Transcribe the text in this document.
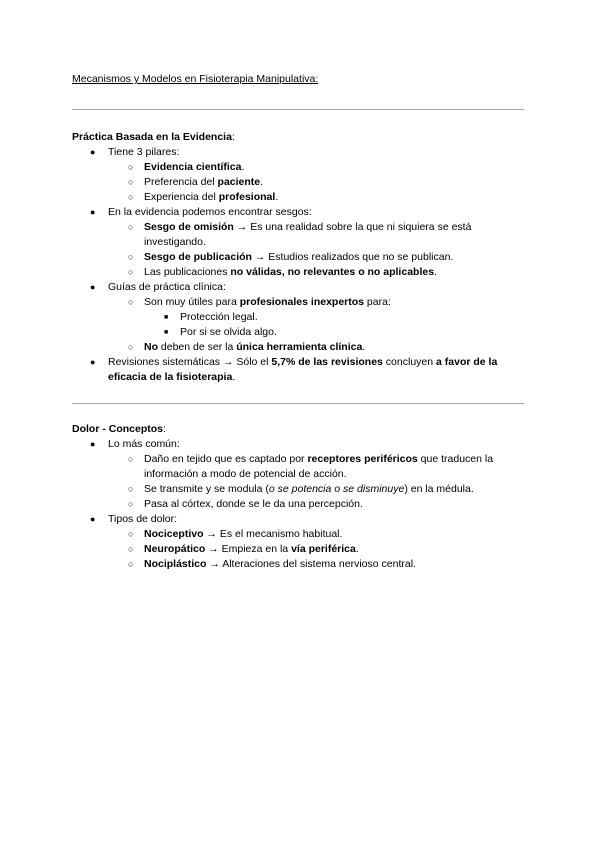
Mecanismos y Modelos en Fisioterapia Manipulativa:
Práctica Basada en la Evidencia:
● Tiene 3 pilares:
○ Evidencia científica.
○ Preferencia del paciente.
○ Experiencia del profesional.
● En la evidencia podemos encontrar sesgos:
○ Sesgo de omisión → Es una realidad sobre la que ni siquiera se está investigando.
○ Sesgo de publicación → Estudios realizados que no se publican.
○ Las publicaciones no válidas, no relevantes o no aplicables.
● Guías de práctica clínica:
○ Son muy útiles para profesionales inexpertos para:
■ Protección legal.
■ Por si se olvida algo.
○ No deben de ser la única herramienta clínica.
● Revisiones sistemáticas → Sólo el 5,7% de las revisiones concluyen a favor de la eficacia de la fisioterapia.
Dolor - Conceptos:
● Lo más común:
○ Daño en tejido que es captado por receptores periféricos que traducen la información a modo de potencial de acción.
○ Se transmite y se modula (o se potencia o se disminuye) en la médula.
○ Pasa al córtex, donde se le da una percepción.
● Tipos de dolor:
○ Nociceptivo → Es el mecanismo habitual.
○ Neuropático → Empieza en la vía periférica.
○ Nociplástico → Alteraciones del sistema nervioso central.
